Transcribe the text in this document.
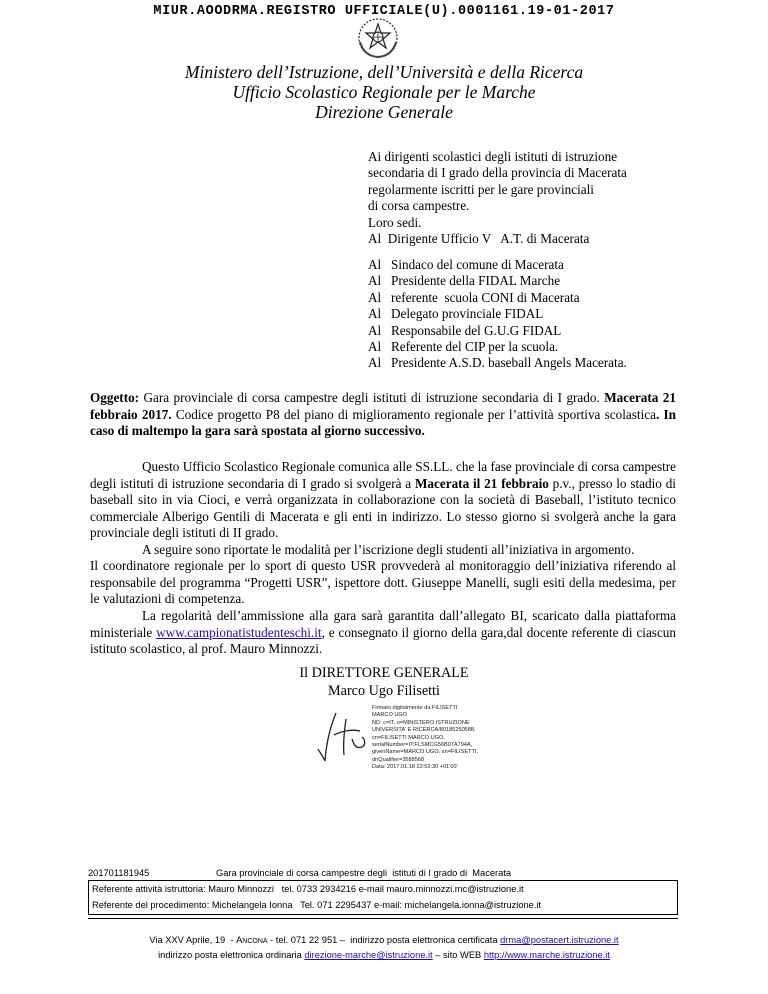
MIUR.AOODRMA.REGISTRO UFFICIALE(U).0001161.19-01-2017
Ministero dell’Istruzione, dell’Università e della Ricerca
Ufficio Scolastico Regionale per le Marche
Direzione Generale
Ai dirigenti scolastici degli istituti di istruzione
secondaria di I grado della provincia di Macerata
regolarmente iscritti per le gare provinciali
di corsa campestre.
Loro sedi.
Al  Dirigente Ufficio V   A.T. di Macerata
Al Sindaco del comune di Macerata
Al Presidente della FIDAL Marche
Al referente  scuola CONI di Macerata
Al Delegato provinciale FIDAL
Al Responsabile del G.U.G FIDAL
Al Referente del CIP per la scuola.
Al Presidente A.S.D. baseball Angels Macerata.
Oggetto: Gara provinciale di corsa campestre degli istituti di istruzione secondaria di I grado. Macerata 21 febbraio 2017. Codice progetto P8 del piano di miglioramento regionale per l’attività sportiva scolastica. In caso di maltempo la gara sarà spostata al giorno successivo.
Questo Ufficio Scolastico Regionale comunica alle SS.LL. che la fase provinciale di corsa campestre degli istituti di istruzione secondaria di I grado si svolgerà a Macerata il 21 febbraio p.v., presso lo stadio di baseball sito in via Cioci, e verrà organizzata in collaborazione con la società di Baseball, l’istituto tecnico commerciale Alberigo Gentili di Macerata e gli enti in indirizzo. Lo stesso giorno si svolgerà anche la gara provinciale degli istituti di II grado.
A seguire sono riportate le modalità per l’iscrizione degli studenti all’iniziativa in argomento.
Il coordinatore regionale per lo sport di questo USR provvederà al monitoraggio dell’iniziativa riferendo al responsabile del programma “Progetti USR”, ispettore dott. Giuseppe Manelli, sugli esiti della medesima, per le valutazioni di competenza.
La regolarità dell’ammissione alla gara sarà garantita dall’allegato BI, scaricato dalla piattaforma ministeriale www.campionatistudenteschi.it, e consegnato il giorno della gara,dal docente referente di ciascun istituto scolastico, al prof. Mauro Minnozzi.
Il DIRETTORE GENERALE
Marco Ugo Filisetti
Firmato digitalmente da FILISETTI
MARCO UGO
ND: c=IT, o=MINISTERO ISTRUZIONE
UNIVERSITA' E RICERCA/80185250588,
cn=FILISETTI MARCO UGO,
serialNumber=IT:FLSMCG56B07A794A,
givenName=MARCO UGO, sn=FILISETTI,
dnQualifier=3588568
Data: 2017.01.18 22:52:30 +01'00'
201701181945	Gara provinciale di corsa campestre degli  istituti di I grado di  Macerata
Referente attività istruttoria: Mauro Minnozzi   tel. 0733 2934216 e-mail mauro.minnozzi.mc@istruzione.it
Referente del procedimento: Michelangela Ionna   Tel. 071 2295437 e-mail: michelangela.ionna@istruzione.it
Via XXV Aprile, 19  - Ancona - tel. 071 22 951 –  indirizzo posta elettronica certificata drma@postacert.istruzione.it
indirizzo posta elettronica ordinaria direzione-marche@istruzione.it – sito WEB http://www.marche.istruzione.it
